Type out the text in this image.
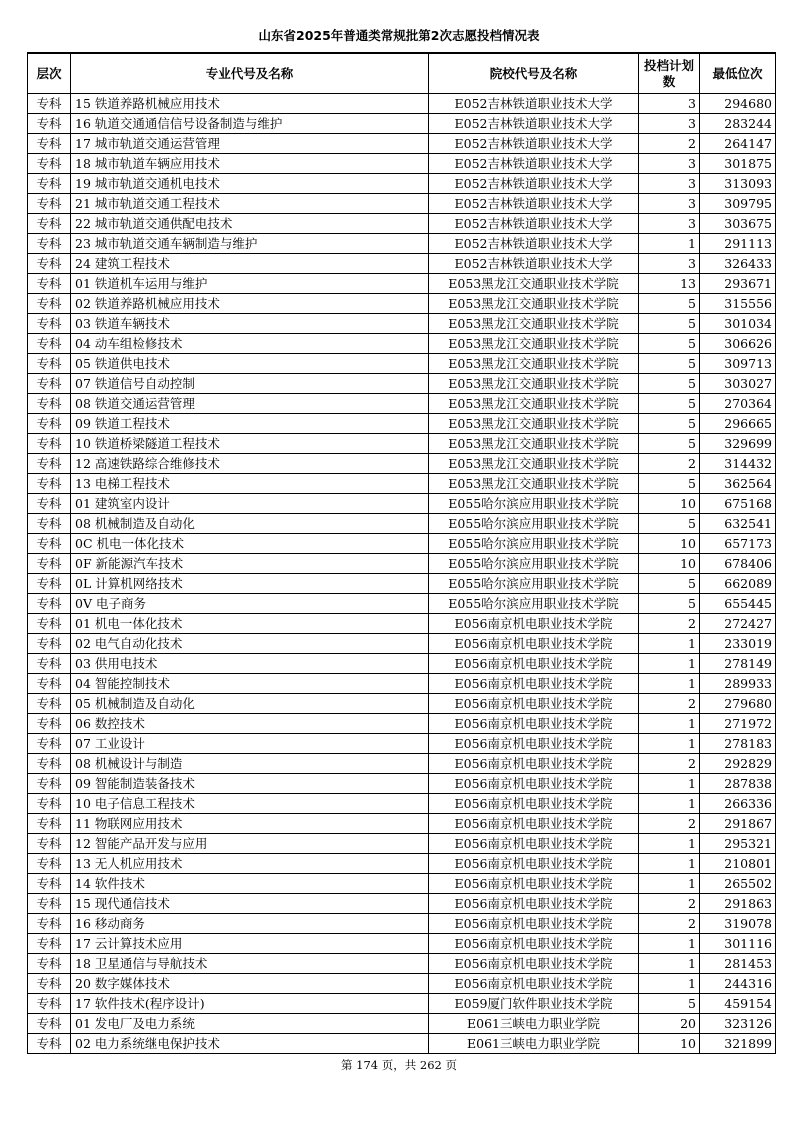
山东省2025年普通类常规批第2次志愿投档情况表
层次	专业代号及名称	院校代号及名称	投档计划数	最低位次
专科	15 铁道养路机械应用技术	E052吉林铁道职业技术大学	3	294680
专科	16 轨道交通通信信号设备制造与维护	E052吉林铁道职业技术大学	3	283244
专科	17 城市轨道交通运营管理	E052吉林铁道职业技术大学	2	264147
专科	18 城市轨道车辆应用技术	E052吉林铁道职业技术大学	3	301875
专科	19 城市轨道交通机电技术	E052吉林铁道职业技术大学	3	313093
专科	21 城市轨道交通工程技术	E052吉林铁道职业技术大学	3	309795
专科	22 城市轨道交通供配电技术	E052吉林铁道职业技术大学	3	303675
专科	23 城市轨道交通车辆制造与维护	E052吉林铁道职业技术大学	1	291113
专科	24 建筑工程技术	E052吉林铁道职业技术大学	3	326433
专科	01 铁道机车运用与维护	E053黑龙江交通职业技术学院	13	293671
专科	02 铁道养路机械应用技术	E053黑龙江交通职业技术学院	5	315556
专科	03 铁道车辆技术	E053黑龙江交通职业技术学院	5	301034
专科	04 动车组检修技术	E053黑龙江交通职业技术学院	5	306626
专科	05 铁道供电技术	E053黑龙江交通职业技术学院	5	309713
专科	07 铁道信号自动控制	E053黑龙江交通职业技术学院	5	303027
专科	08 铁道交通运营管理	E053黑龙江交通职业技术学院	5	270364
专科	09 铁道工程技术	E053黑龙江交通职业技术学院	5	296665
专科	10 铁道桥梁隧道工程技术	E053黑龙江交通职业技术学院	5	329699
专科	12 高速铁路综合维修技术	E053黑龙江交通职业技术学院	2	314432
专科	13 电梯工程技术	E053黑龙江交通职业技术学院	5	362564
专科	01 建筑室内设计	E055哈尔滨应用职业技术学院	10	675168
专科	08 机械制造及自动化	E055哈尔滨应用职业技术学院	5	632541
专科	0C 机电一体化技术	E055哈尔滨应用职业技术学院	10	657173
专科	0F 新能源汽车技术	E055哈尔滨应用职业技术学院	10	678406
专科	0L 计算机网络技术	E055哈尔滨应用职业技术学院	5	662089
专科	0V 电子商务	E055哈尔滨应用职业技术学院	5	655445
专科	01 机电一体化技术	E056南京机电职业技术学院	2	272427
专科	02 电气自动化技术	E056南京机电职业技术学院	1	233019
专科	03 供用电技术	E056南京机电职业技术学院	1	278149
专科	04 智能控制技术	E056南京机电职业技术学院	1	289933
专科	05 机械制造及自动化	E056南京机电职业技术学院	2	279680
专科	06 数控技术	E056南京机电职业技术学院	1	271972
专科	07 工业设计	E056南京机电职业技术学院	1	278183
专科	08 机械设计与制造	E056南京机电职业技术学院	2	292829
专科	09 智能制造装备技术	E056南京机电职业技术学院	1	287838
专科	10 电子信息工程技术	E056南京机电职业技术学院	1	266336
专科	11 物联网应用技术	E056南京机电职业技术学院	2	291867
专科	12 智能产品开发与应用	E056南京机电职业技术学院	1	295321
专科	13 无人机应用技术	E056南京机电职业技术学院	1	210801
专科	14 软件技术	E056南京机电职业技术学院	1	265502
专科	15 现代通信技术	E056南京机电职业技术学院	2	291863
专科	16 移动商务	E056南京机电职业技术学院	2	319078
专科	17 云计算技术应用	E056南京机电职业技术学院	1	301116
专科	18 卫星通信与导航技术	E056南京机电职业技术学院	1	281453
专科	20 数字媒体技术	E056南京机电职业技术学院	1	244316
专科	17 软件技术(程序设计)	E059厦门软件职业技术学院	5	459154
专科	01 发电厂及电力系统	E061三峡电力职业学院	20	323126
专科	02 电力系统继电保护技术	E061三峡电力职业学院	10	321899
第 174 页，共 262 页
